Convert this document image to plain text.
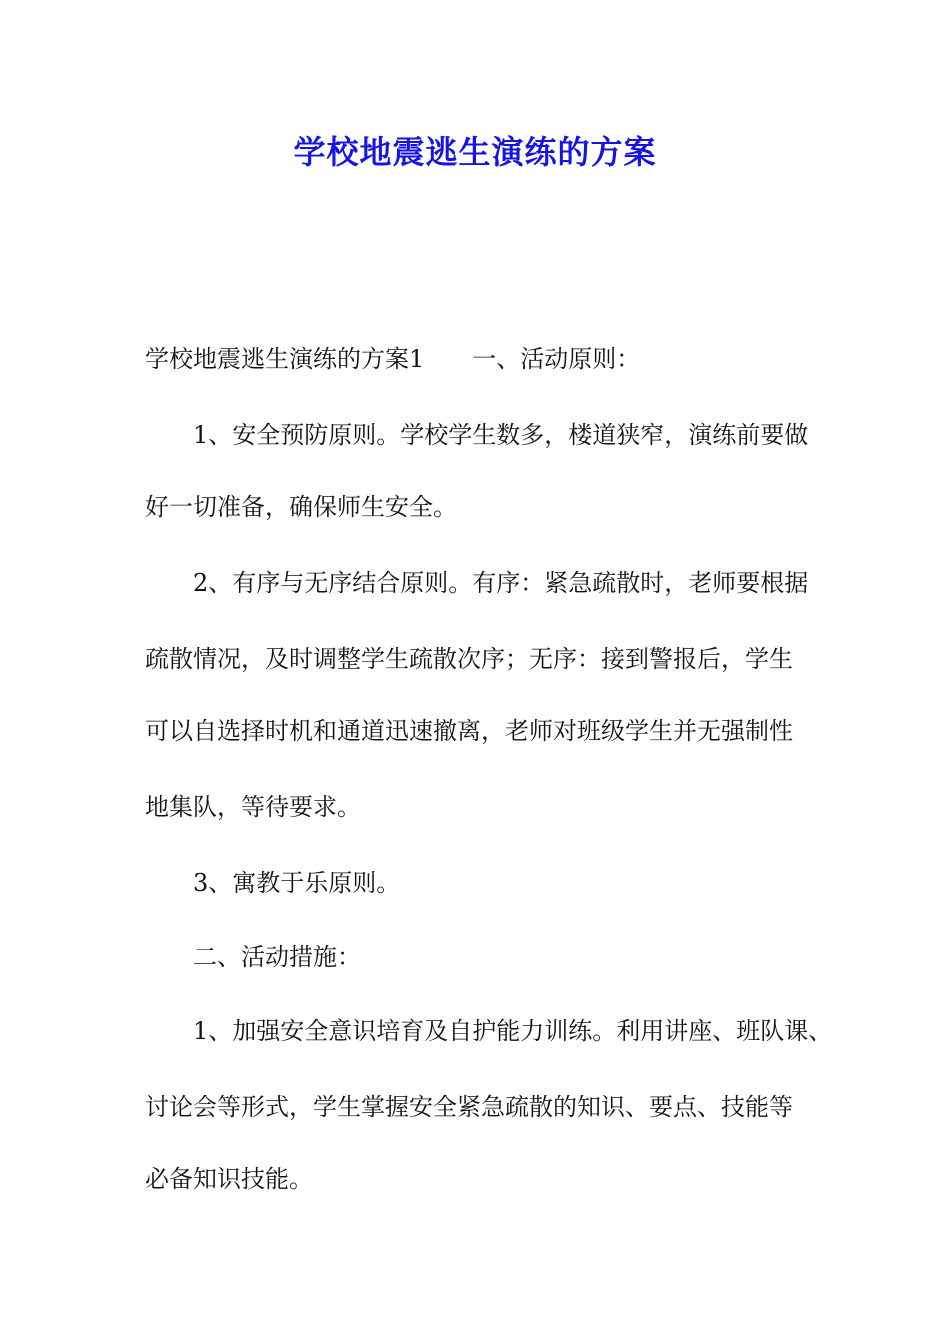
学校地震逃生演练的方案

学校地震逃生演练的方案1 一、活动原则：

1、安全预防原则。学校学生数多，楼道狭窄，演练前要做

好一切准备，确保师生安全。

2、有序与无序结合原则。有序：紧急疏散时，老师要根据

疏散情况，及时调整学生疏散次序；无序：接到警报后，学生

可以自选择时机和通道迅速撤离，老师对班级学生并无强制性

地集队，等待要求。

3、寓教于乐原则。

二、活动措施：

1、加强安全意识培育及自护能力训练。利用讲座、班队课、

讨论会等形式，学生掌握安全紧急疏散的知识、要点、技能等

必备知识技能。
